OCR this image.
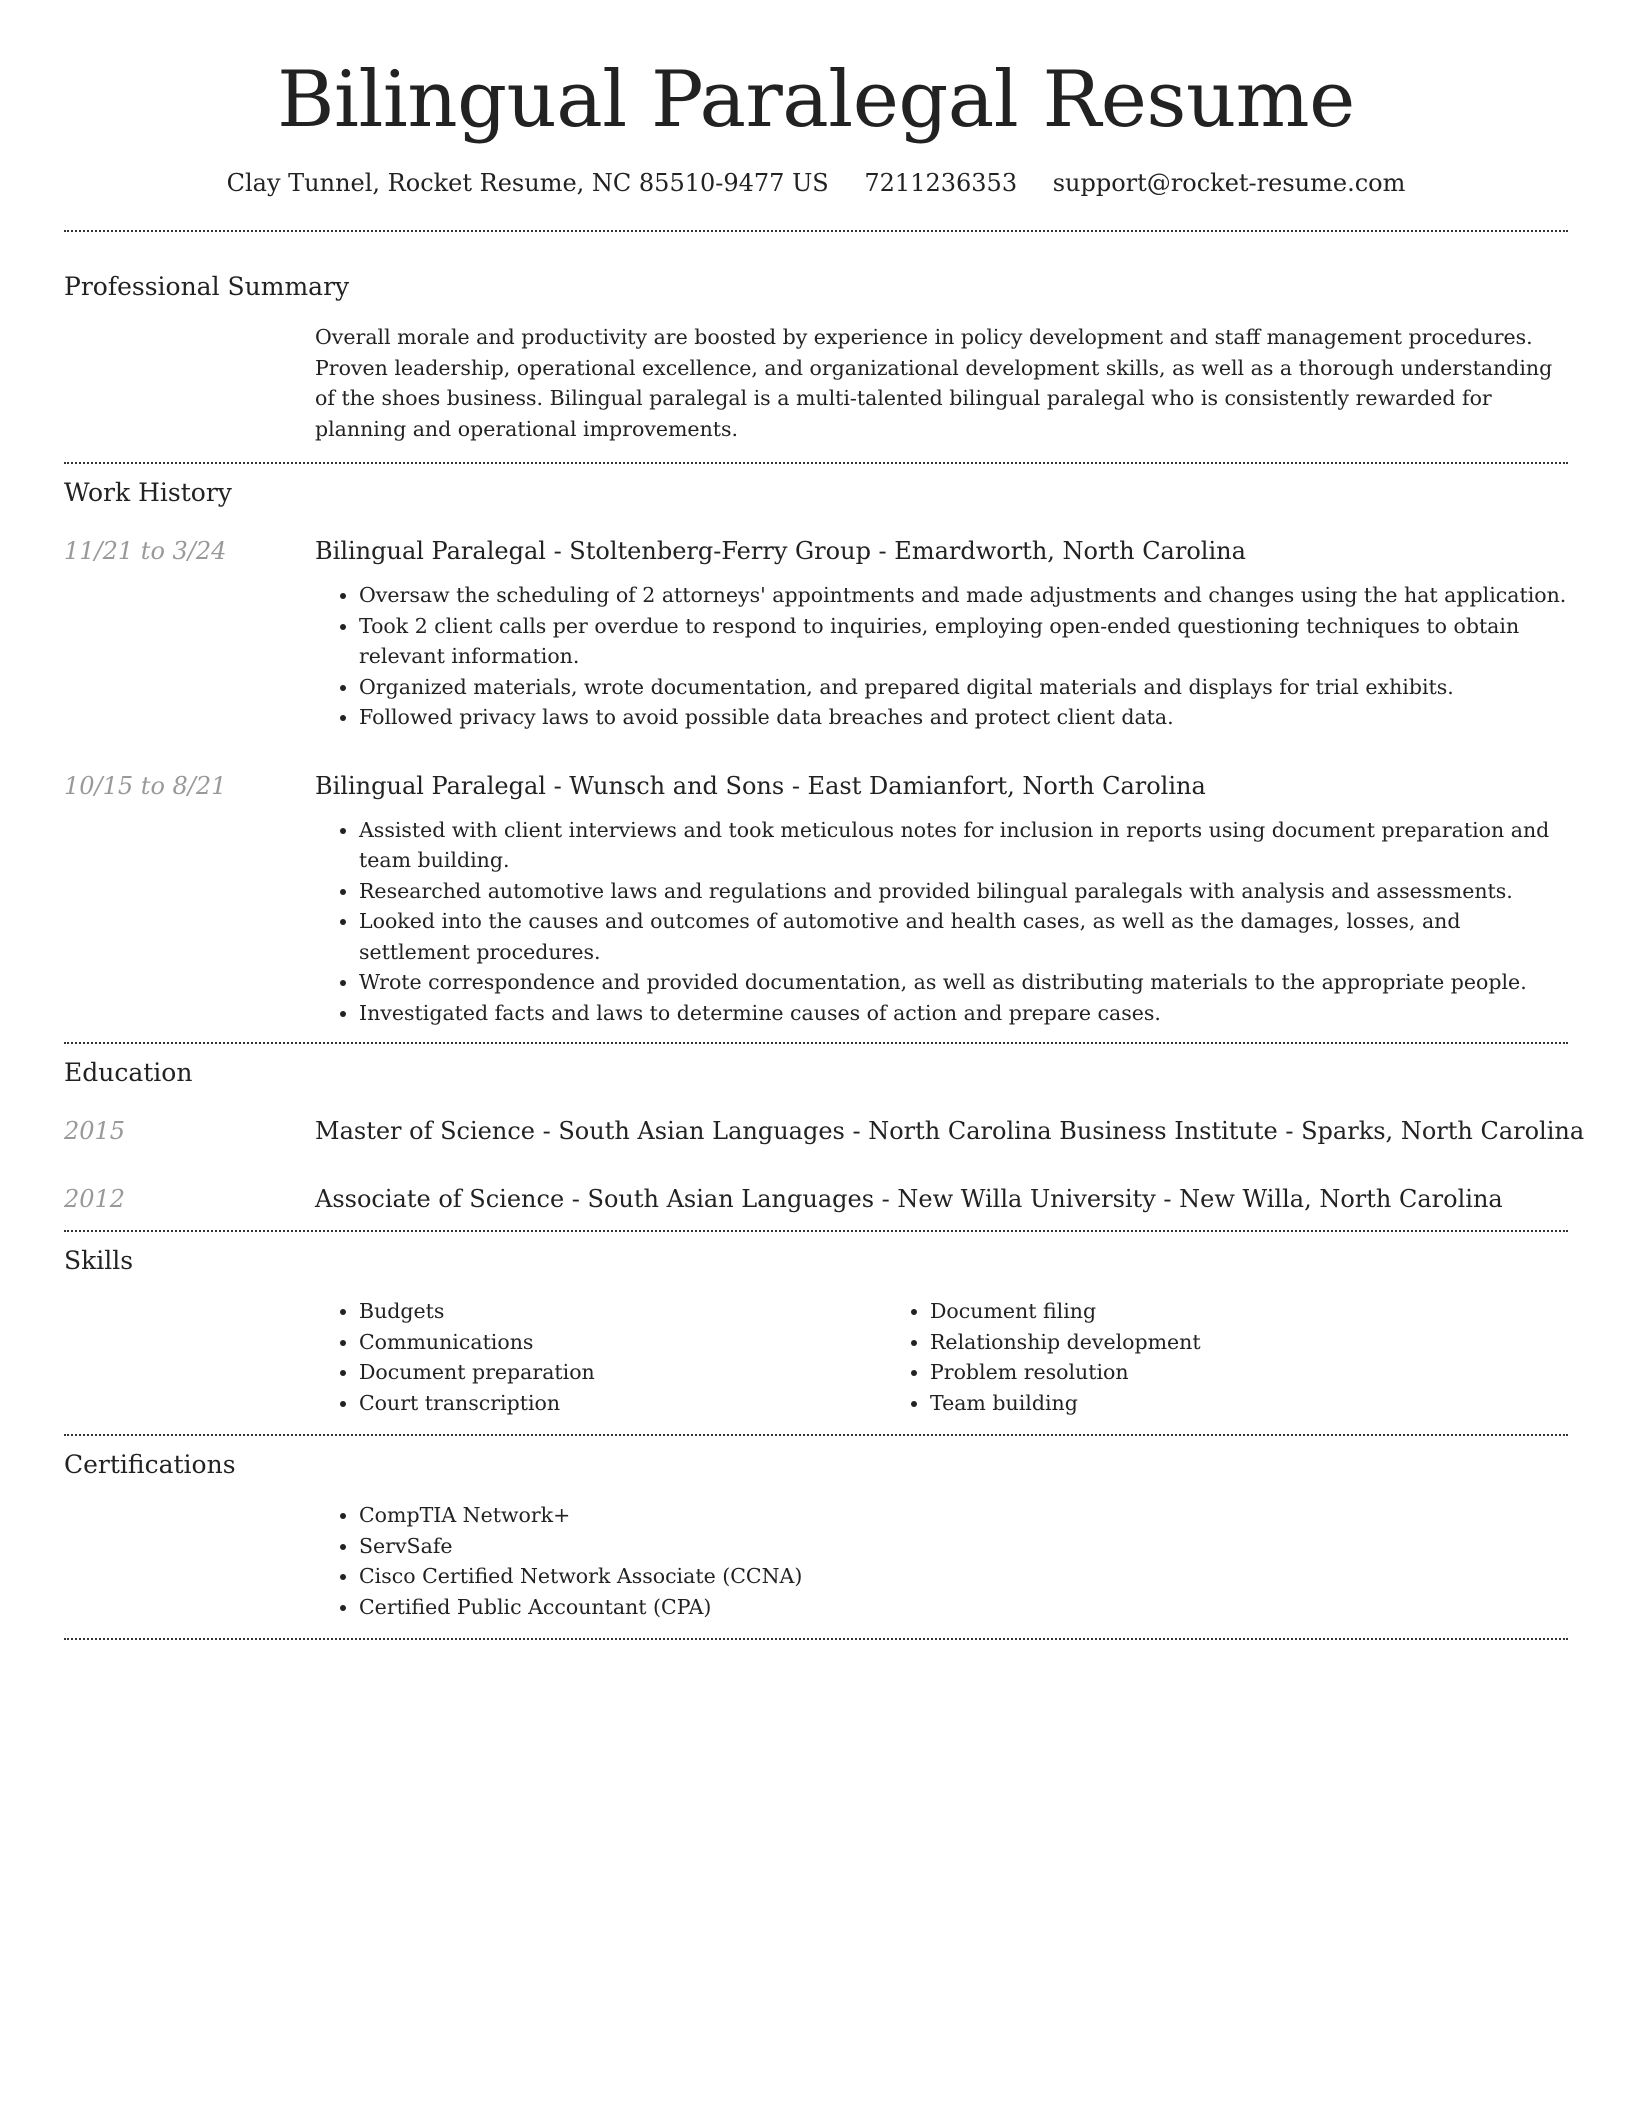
Bilingual Paralegal Resume
Clay Tunnel, Rocket Resume, NC 85510-9477 US 7211236353 support@rocket-resume.com
Professional Summary

Overall morale and productivity are boosted by experience in policy development and staff management procedures. Proven leadership, operational excellence, and organizational development skills, as well as a thorough understanding of the shoes business. Bilingual paralegal is a multi-talented bilingual paralegal who is consistently rewarded for planning and operational improvements.

Work History
11/21 to 3/24	Bilingual Paralegal - Stoltenberg-Ferry Group - Emardworth, North Carolina
• Oversaw the scheduling of 2 attorneys' appointments and made adjustments and changes using the hat application.
• Took 2 client calls per overdue to respond to inquiries, employing open-ended questioning techniques to obtain relevant information.
• Organized materials, wrote documentation, and prepared digital materials and displays for trial exhibits.
• Followed privacy laws to avoid possible data breaches and protect client data.
10/15 to 8/21	Bilingual Paralegal - Wunsch and Sons - East Damianfort, North Carolina
• Assisted with client interviews and took meticulous notes for inclusion in reports using document preparation and team building.
• Researched automotive laws and regulations and provided bilingual paralegals with analysis and assessments.
• Looked into the causes and outcomes of automotive and health cases, as well as the damages, losses, and settlement procedures.
• Wrote correspondence and provided documentation, as well as distributing materials to the appropriate people.
• Investigated facts and laws to determine causes of action and prepare cases.
Education
2015	Master of Science - South Asian Languages - North Carolina Business Institute - Sparks, North Carolina
2012	Associate of Science - South Asian Languages - New Willa University - New Willa, North Carolina
Skills
• Budgets
• Communications
• Document preparation
• Court transcription
• Document filing
• Relationship development
• Problem resolution
• Team building
Certifications
• CompTIA Network+
• ServSafe
• Cisco Certified Network Associate (CCNA)
• Certified Public Accountant (CPA)
